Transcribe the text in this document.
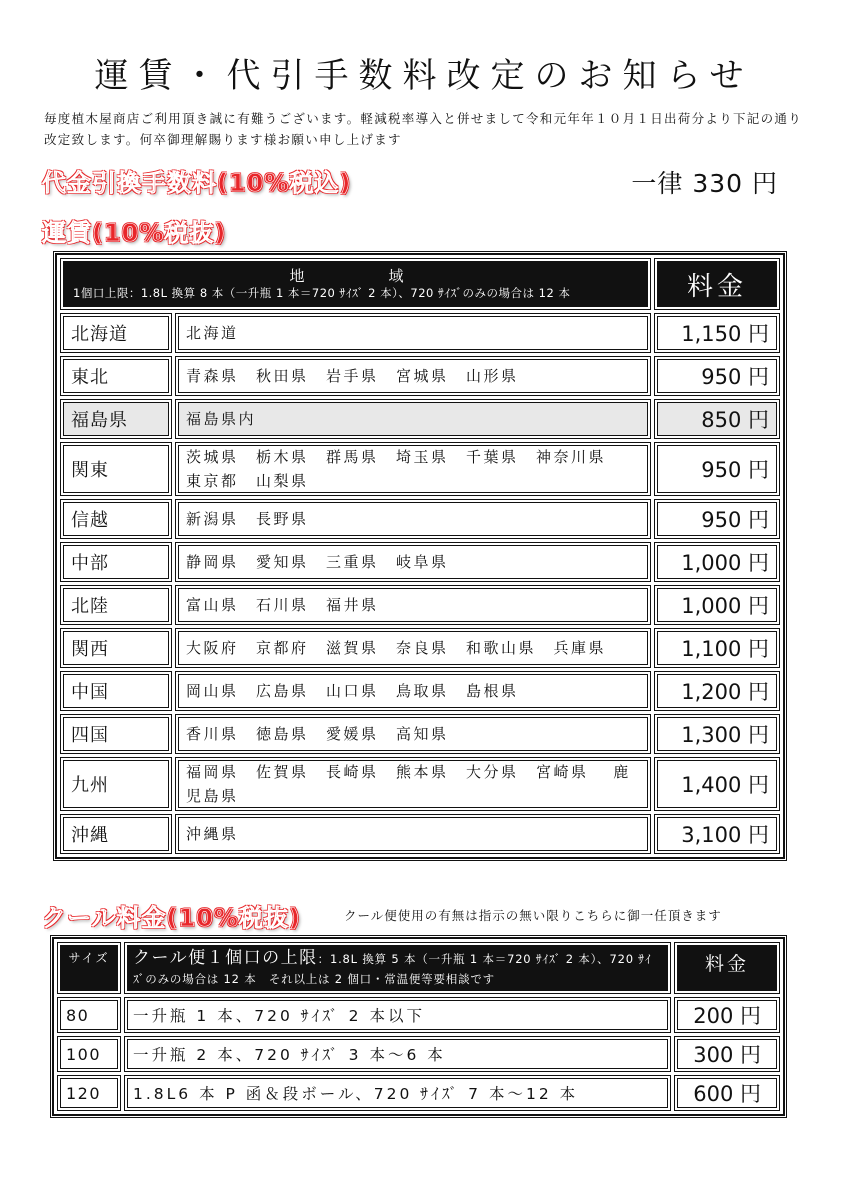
運賃・代引手数料改定のお知らせ
毎度植木屋商店ご利用頂き誠に有難うございます。軽減税率導入と併せまして令和元年年１０月１日出荷分より下記の通り改定致します。何卒御理解賜ります様お願い申し上げます
代金引換手数料(10%税込)	一律 330 円
運賃(10%税抜)
地　　域
1個口上限：1.8L 換算 8 本（一升瓶 1 本＝720 ｻｲｽﾞ 2 本）、720 ｻｲｽﾞのみの場合は 12 本		料金
北海道	北海道	1,150 円
東北	青森県　秋田県　岩手県　宮城県　山形県	950 円
福島県	福島県内	850 円
関東	茨城県　栃木県　群馬県　埼玉県　千葉県　神奈川県　東京都　山梨県	950 円
信越	新潟県　長野県	950 円
中部	静岡県　愛知県　三重県　岐阜県	1,000 円
北陸	富山県　石川県　福井県	1,000 円
関西	大阪府　京都府　滋賀県　奈良県　和歌山県　兵庫県	1,100 円
中国	岡山県　広島県　山口県　鳥取県　島根県	1,200 円
四国	香川県　徳島県　愛媛県　高知県	1,300 円
九州	福岡県　佐賀県　長崎県　熊本県　大分県　宮崎県　 鹿児島県	1,400 円
沖縄	沖縄県	3,100 円
クール料金(10%税抜)	クール便使用の有無は指示の無い限りこちらに御一任頂きます
サイズ	クール便１個口の上限：1.8L 換算 5 本（一升瓶 1 本＝720 ｻｲｽﾞ 2 本）、720 ｻｲｽﾞのみの場合は 12 本　それ以上は 2 個口・常温便等要相談です	料金
80	一升瓶 1 本、720 ｻｲｽﾞ 2 本以下	200 円
100	一升瓶 2 本、720 ｻｲｽﾞ 3 本～6 本	300 円
120	1.8L6 本 P 函＆段ボール、720 ｻｲｽﾞ 7 本～12 本	600 円
